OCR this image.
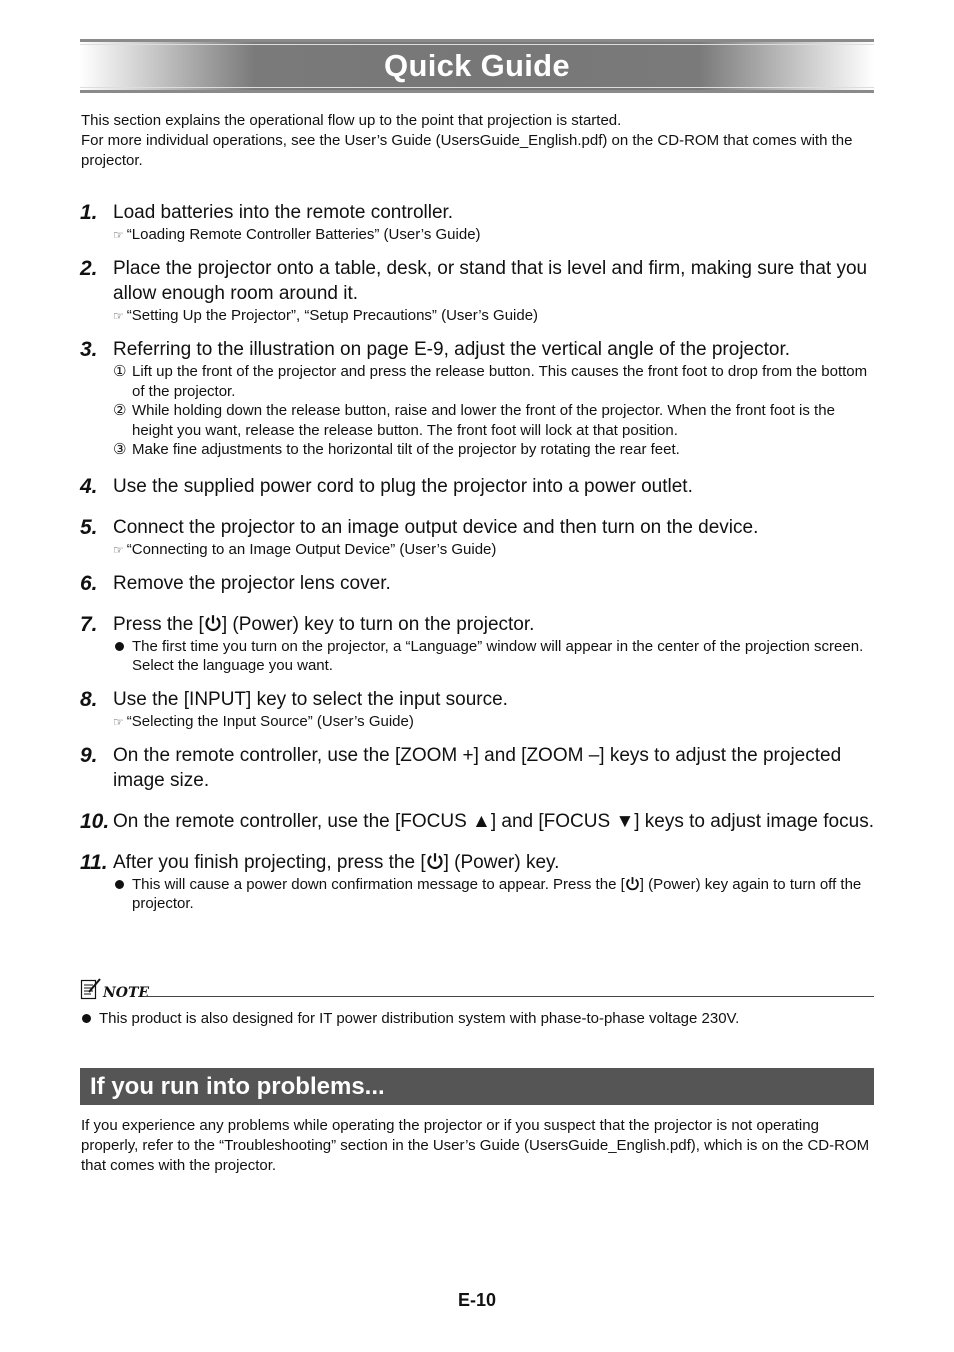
Quick Guide

This section explains the operational flow up to the point that projection is started.

For more individual operations, see the User’s Guide (UsersGuide_English.pdf) on the CD-ROM that comes with the projector.

1. Load batteries into the remote controller.
☞ “Loading Remote Controller Batteries” (User’s Guide)
2. Place the projector onto a table, desk, or stand that is level and firm, making sure that you allow enough room around it.
☞ “Setting Up the Projector”, “Setup Precautions” (User’s Guide)
3. Referring to the illustration on page E-9, adjust the vertical angle of the projector.
① Lift up the front of the projector and press the release button. This causes the front foot to drop from the bottom of the projector.
② While holding down the release button, raise and lower the front of the projector. When the front foot is the height you want, release the release button. The front foot will lock at that position.
③ Make fine adjustments to the horizontal tilt of the projector by rotating the rear feet.
4. Use the supplied power cord to plug the projector into a power outlet.
5. Connect the projector to an image output device and then turn on the device.
☞ “Connecting to an Image Output Device” (User’s Guide)
6. Remove the projector lens cover.
7. Press the [ ] (Power) key to turn on the projector.
The first time you turn on the projector, a “Language” window will appear in the center of the projection screen. Select the language you want.
8. Use the [INPUT] key to select the input source.
☞ “Selecting the Input Source” (User’s Guide)
9. On the remote controller, use the [ZOOM +] and [ZOOM –] keys to adjust the projected image size.
10. On the remote controller, use the [FOCUS ▲] and [FOCUS ▼] keys to adjust image focus.
11. After you finish projecting, press the [ ] (Power) key.
This will cause a power down confirmation message to appear. Press the [ ] (Power) key again to turn off the projector.
NOTE
This product is also designed for IT power distribution system with phase-to-phase voltage 230V.
If you run into problems...

If you experience any problems while operating the projector or if you suspect that the projector is not operating properly, refer to the “Troubleshooting” section in the User’s Guide (UsersGuide_English.pdf), which is on the CD-ROM that comes with the projector.

E-10
